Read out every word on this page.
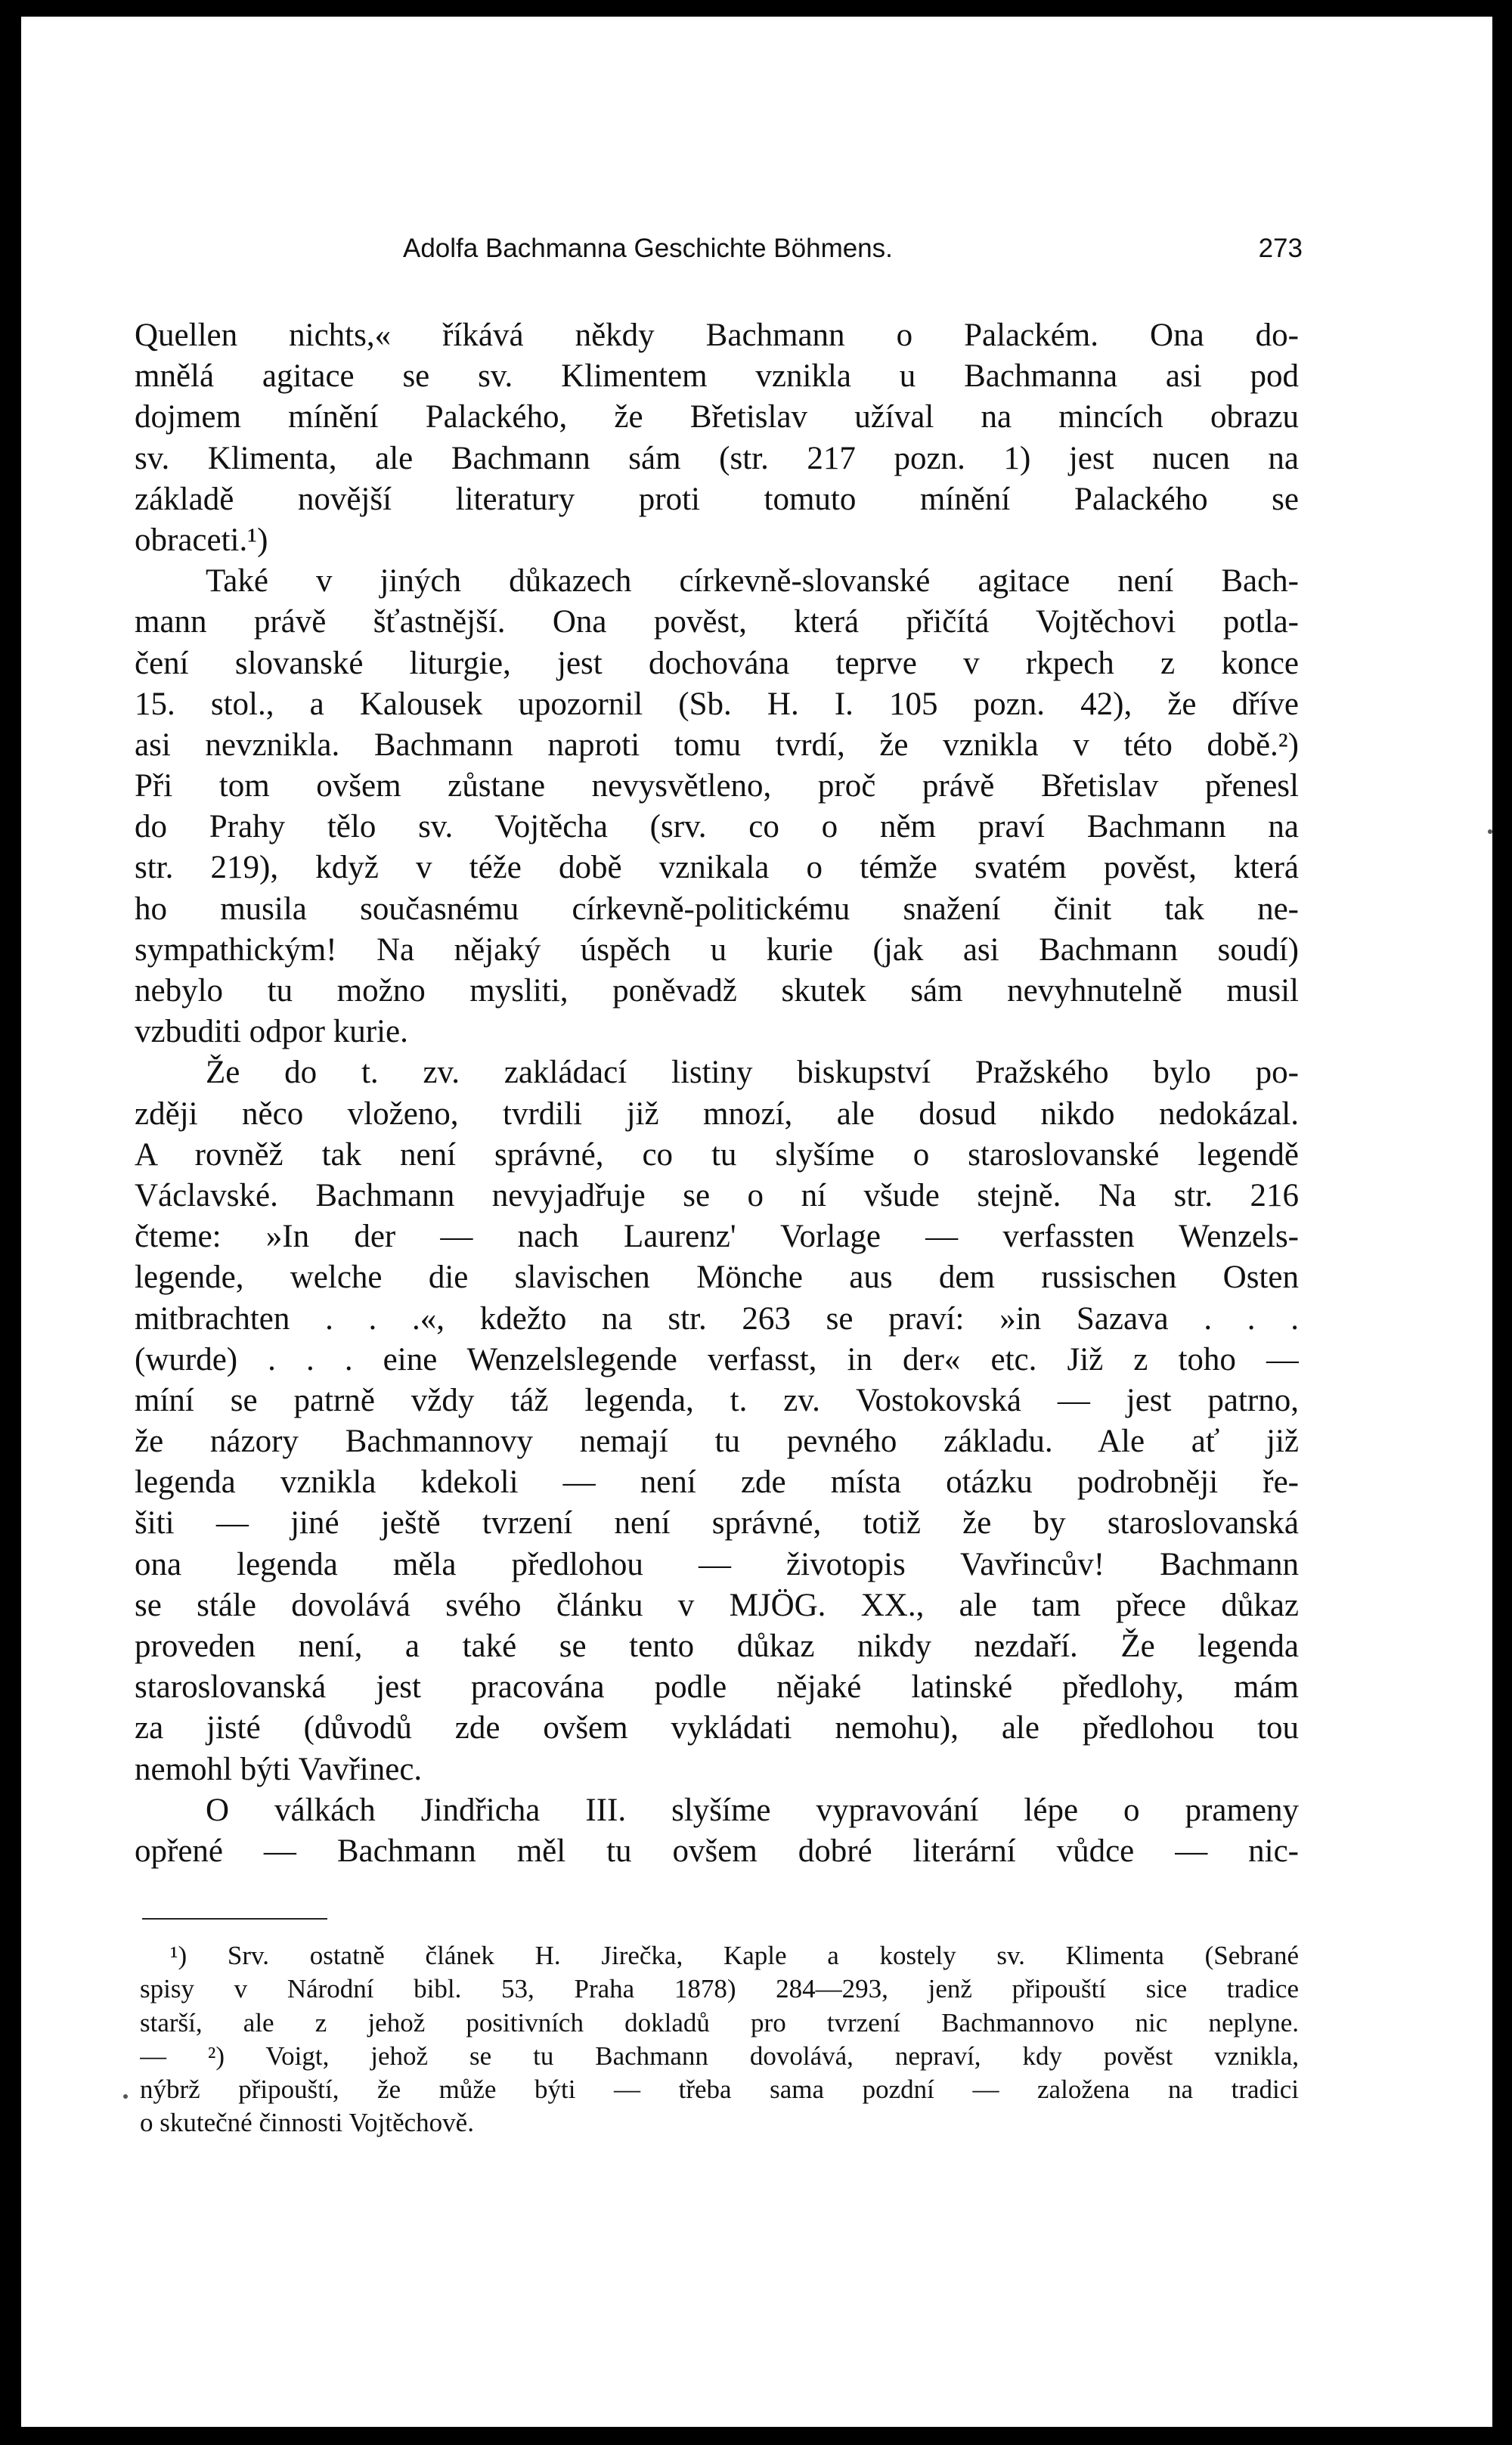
Adolfa Bachmanna Geschichte Böhmens.	273
Quellen nichts,« říkává někdy Bachmann o Palackém. Ona do-
mnělá agitace se sv. Klimentem vznikla u Bachmanna asi pod
dojmem mínění Palackého, že Břetislav užíval na mincích obrazu
sv. Klimenta, ale Bachmann sám (str. 217 pozn. 1) jest nucen na
základě novější literatury proti tomuto mínění Palackého se
obraceti.¹)
Také v jiných důkazech církevně-slovanské agitace není Bach-
mann právě šťastnější. Ona pověst, která přičítá Vojtěchovi potla-
čení slovanské liturgie, jest dochována teprve v rkpech z konce
15. stol., a Kalousek upozornil (Sb. H. I. 105 pozn. 42), že dříve
asi nevznikla. Bachmann naproti tomu tvrdí, že vznikla v této době.²)
Při tom ovšem zůstane nevysvětleno, proč právě Břetislav přenesl
do Prahy tělo sv. Vojtěcha (srv. co o něm praví Bachmann na
str. 219), když v téže době vznikala o témže svatém pověst, která
ho musila současnému církevně-politickému snažení činit tak ne-
sympathickým! Na nějaký úspěch u kurie (jak asi Bachmann soudí)
nebylo tu možno mysliti, poněvadž skutek sám nevyhnutelně musil
vzbuditi odpor kurie.
Že do t. zv. zakládací listiny biskupství Pražského bylo po-
zději něco vloženo, tvrdili již mnozí, ale dosud nikdo nedokázal.
A rovněž tak není správné, co tu slyšíme o staroslovanské legendě
Václavské. Bachmann nevyjadřuje se o ní všude stejně. Na str. 216
čteme: »In der — nach Laurenz' Vorlage — verfassten Wenzels-
legende, welche die slavischen Mönche aus dem russischen Osten
mitbrachten . . .«, kdežto na str. 263 se praví: »in Sazava . . .
(wurde) . . . eine Wenzelslegende verfasst, in der« etc. Již z toho —
míní se patrně vždy táž legenda, t. zv. Vostokovská — jest patrno,
že názory Bachmannovy nemají tu pevného základu. Ale ať již
legenda vznikla kdekoli — není zde místa otázku podrobněji ře-
šiti — jiné ještě tvrzení není správné, totiž že by staroslovanská
ona legenda měla předlohou — životopis Vavřincův! Bachmann
se stále dovolává svého článku v MJÖG. XX., ale tam přece důkaz
proveden není, a také se tento důkaz nikdy nezdaří. Že legenda
staroslovanská jest pracována podle nějaké latinské předlohy, mám
za jisté (důvodů zde ovšem vykládati nemohu), ale předlohou tou
nemohl býti Vavřinec.
O válkách Jindřicha III. slyšíme vypravování lépe o prameny
opřené — Bachmann měl tu ovšem dobré literární vůdce — nic-
¹) Srv. ostatně článek H. Jirečka, Kaple a kostely sv. Klimenta (Sebrané
spisy v Národní bibl. 53, Praha 1878) 284—293, jenž připouští sice tradice
starší, ale z jehož positivních dokladů pro tvrzení Bachmannovo nic neplyne.
— ²) Voigt, jehož se tu Bachmann dovolává, nepraví, kdy pověst vznikla,
nýbrž připouští, že může býti — třeba sama pozdní — založena na tradici
o skutečné činnosti Vojtěchově.
